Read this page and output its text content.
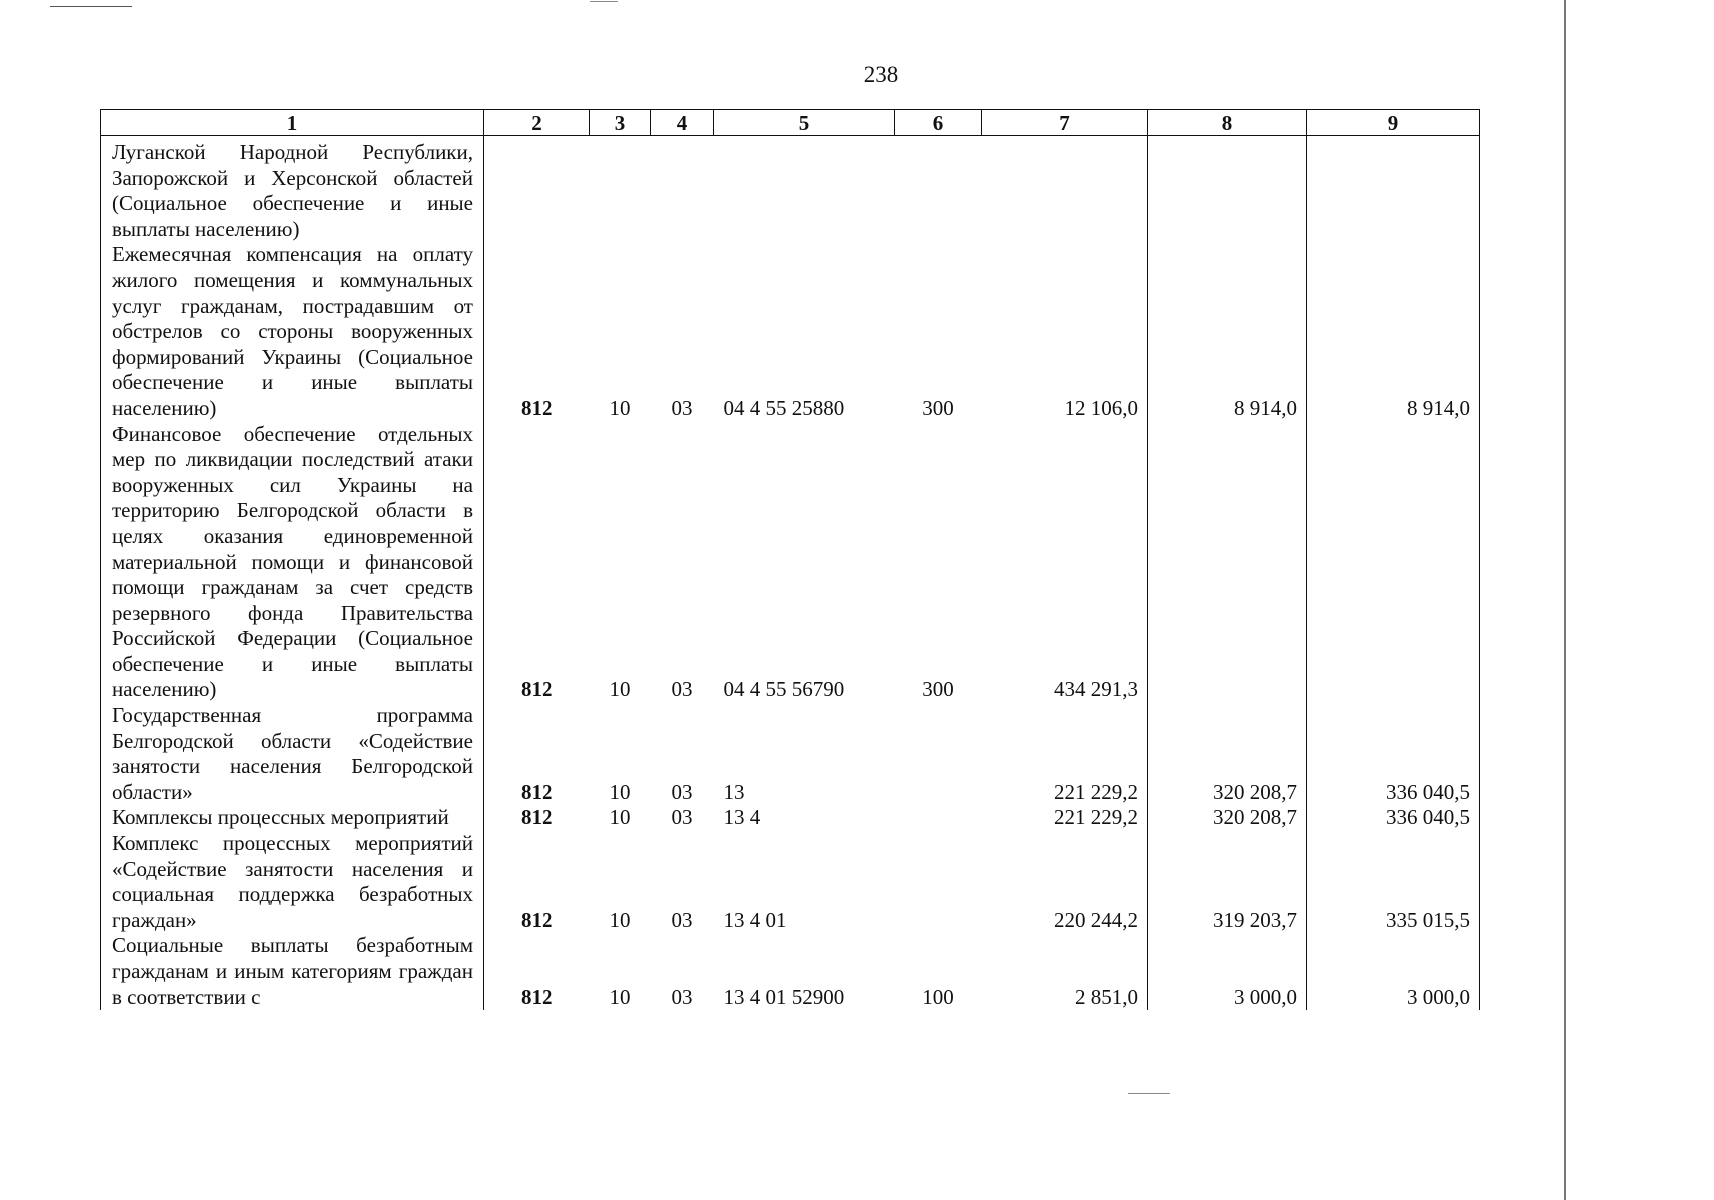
238
1	2	3	4	5	6	7	8	9
Луганской Народной Республики, Запорожской и Херсонской областей (Социальное обеспечение и иные выплаты населению)								
Ежемесячная компенсация на оплату жилого помещения и коммунальных услуг гражданам, пострадавшим от обстрелов со стороны вооруженных формирований Украины (Социальное обеспечение и иные выплаты населению)	812	10	03	04 4 55 25880	300	12 106,0	8 914,0	8 914,0
Финансовое обеспечение отдельных мер по ликвидации последствий атаки вооруженных сил Украины на территорию Белгородской области в целях оказания единовременной материальной помощи и финансовой помощи гражданам за счет средств резервного фонда Правительства Российской Федерации (Социальное обеспечение и иные выплаты населению)	812	10	03	04 4 55 56790	300	434 291,3		
Государственная программа Белгородской области «Содействие занятости населения Белгородской области»	812	10	03	13		221 229,2	320 208,7	336 040,5
Комплексы процессных мероприятий	812	10	03	13 4		221 229,2	320 208,7	336 040,5
Комплекс процессных мероприятий «Содействие занятости населения и социальная поддержка безработных граждан»	812	10	03	13 4 01		220 244,2	319 203,7	335 015,5

Социальные выплаты безработным гражданам и иным категориям граждан в соответствии с	812	10	03	13 4 01 52900	100	2 851,0	3 000,0	3 000,0
